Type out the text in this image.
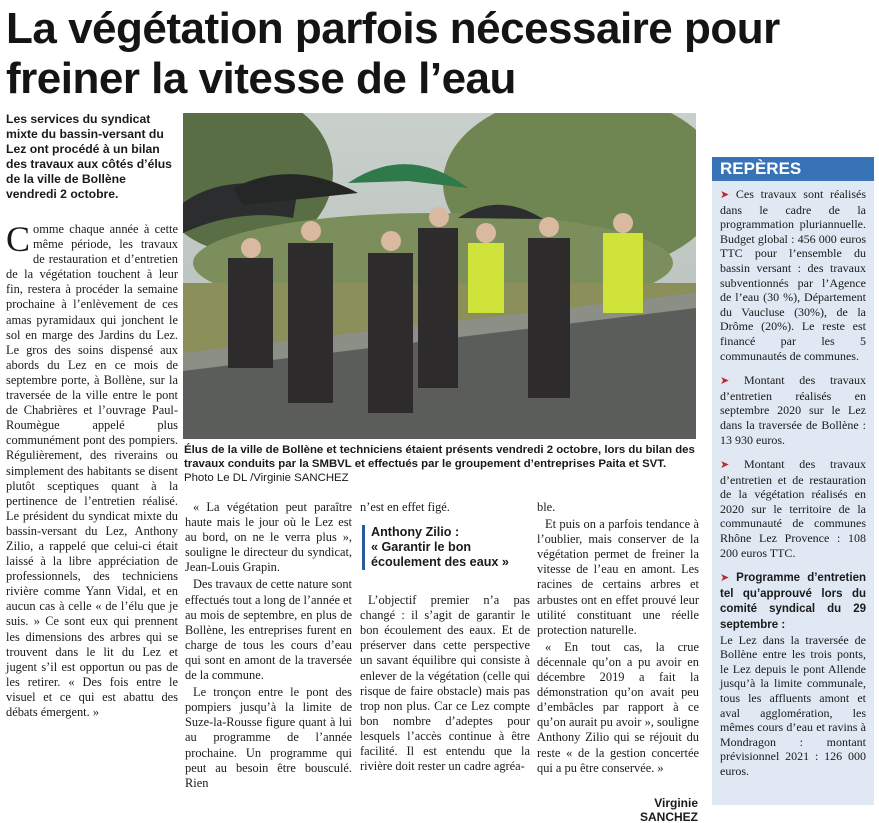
La végétation parfois nécessaire pour freiner la vitesse de l’eau
Les services du syndicat mixte du bassin-versant du Lez ont procédé à un bilan des travaux aux côtés d’élus de la ville de Bollène vendredi 2 octobre.

Comme chaque année à cette même période, les travaux de restauration et d’entretien de la végétation touchent à leur fin, restera à procéder la semaine prochaine à l’enlèvement de ces amas pyramidaux qui jonchent le sol en marge des Jardins du Lez. Le gros des soins dispensé aux abords du Lez en ce mois de septembre porte, à Bollène, sur la traversée de la ville entre le pont de Chabrières et l’ouvrage Paul-Roumègue appelé plus communément pont des pompiers. Régulièrement, des riverains ou simplement des habitants se disent plutôt sceptiques quant à la pertinence de l’entretien réalisé. Le président du syndicat mixte du bassin-versant du Lez, Anthony Zilio, a rappelé que celui-ci était laissé à la libre appréciation de professionnels, des techniciens rivière comme Yann Vidal, et en aucun cas à celle « de l’élu que je suis. » Ce sont eux qui prennent les dimensions des arbres qui se trouvent dans le lit du Lez et jugent s’il est opportun ou pas de les retirer. « Des fois entre le visuel et ce qui est abattu des débats émergent. »

Élus de la ville de Bollène et techniciens étaient présents vendredi 2 octobre, lors du bilan des travaux conduits par la SMBVL et effectués par le groupement d’entreprises Paita et SVT. Photo Le DL /Virginie SANCHEZ

« La végétation peut paraître haute mais le jour où le Lez est au bord, on ne le verra plus », souligne le directeur du syndicat, Jean-Louis Grapin.

Des travaux de cette nature sont effectués tout a long de l’année et au mois de septembre, en plus de Bollène, les entreprises furent en charge de tous les cours d’eau qui sont en amont de la traversée de la commune.

Le tronçon entre le pont des pompiers jusqu’à la limite de Suze-la-Rousse figure quant à lui au programme de l’année prochaine. Un programme qui peut au besoin être bousculé. Rien

n’est en effet figé.

L’objectif premier n’a pas changé : il s’agit de garantir le bon écoulement des eaux. Et de préserver dans cette perspective un savant équilibre qui consiste à enlever de la végétation (celle qui risque de faire obstacle) mais pas trop non plus. Car ce Lez compte bon nombre d’adeptes pour lesquels l’accès continue à être facilité. Il est entendu que la rivière doit rester un cadre agréa-

Anthony Zilio :
« Garantir le bon écoulement des eaux »

ble.

Et puis on a parfois tendance à l’oublier, mais conserver de la végétation permet de freiner la vitesse de l’eau en amont. Les racines de certains arbres et arbustes ont en effet prouvé leur utilité constituant une réelle protection naturelle.

« En tout cas, la crue décennale qu’on a pu avoir en décembre 2019 a fait la démonstration qu’on avait peu d’embâcles par rapport à ce qu’on aurait pu avoir », souligne Anthony Zilio qui se réjouit du reste « de la gestion concertée qui a pu être conservée. »

Virginie SANCHEZ
REPÈRES
➤ Ces travaux sont réalisés dans le cadre de la programmation pluriannuelle. Budget global : 456 000 euros TTC pour l’ensemble du bassin versant : des travaux subventionnés par l’Agence de l’eau (30 %), Département du Vaucluse (30%), de la Drôme (20%). Le reste est financé par les 5 communautés de communes.
➤ Montant des travaux d’entretien réalisés en septembre 2020 sur le Lez dans la traversée de Bollène : 13 930 euros.
➤ Montant des travaux d’entretien et de restauration de la végétation réalisés en 2020 sur le territoire de la communauté de communes Rhône Lez Provence : 108 200 euros TTC.
➤ Programme d’entretien tel qu’approuvé lors du comité syndical du 29 septembre :
Le Lez dans la traversée de Bollène entre les trois ponts, le Lez depuis le pont Allende jusqu’à la limite communale, tous les affluents amont et aval agglomération, les mêmes cours d’eau et ravins à Mondragon : montant prévisionnel 2021 : 126 000 euros.
